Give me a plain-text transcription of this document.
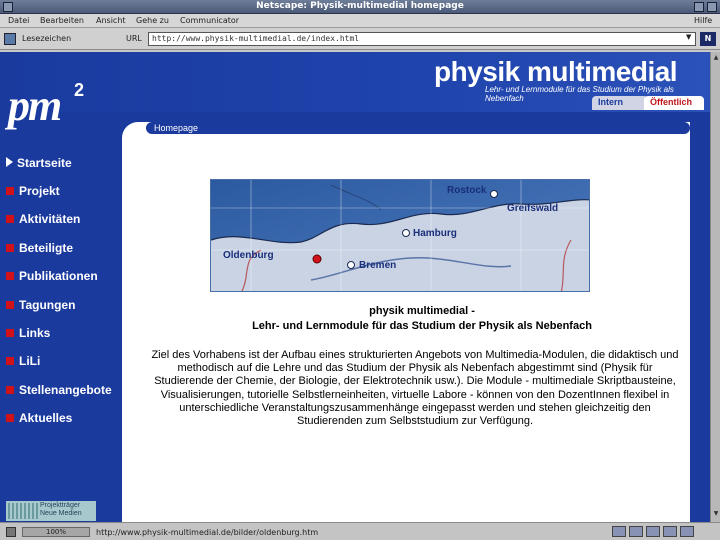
Netscape: Physik-multimedial homepage
Datei Bearbeiten Ansicht Gehe zu Communicator	Hilfe
Lesezeichen	URL	http://www.physik-multimedial.de/index.html	▼	N
physik multimedial
Lehr- und Lernmodule für das Studium der Physik als Nebenfach	Intern	Öffentlich
pm 2
Startseite
Projekt
Aktivitäten
Beteiligte
Publikationen
Tagungen
Links
LiLi
Stellenangebote
Aktuelles
Homepage
Rostock
Greifswald
Hamburg
Oldenburg
Bremen
physik multimedial -
Lehr- und Lernmodule für das Studium der Physik als Nebenfach
Ziel des Vorhabens ist der Aufbau eines strukturierten Angebots von Multimedia-Modulen, die didaktisch und methodisch auf die Lehre und das Studium der Physik als Nebenfach abgestimmt sind (Physik für Studierende der Chemie, der Biologie, der Elektrotechnik usw.). Die Module - multimediale Skriptbausteine, Visualisierungen, tutorielle Selbstlerneinheiten, virtuelle Labore - können von den DozentInnen flexibel in unterschiedliche Veranstaltungszusammenhänge eingepasst werden und stehen gleichzeitig den Studierenden zum Selbststudium zur Verfügung.
Projektträger
Neue Medien
▲
▼
100%	http://www.physik-multimedial.de/bilder/oldenburg.htm
